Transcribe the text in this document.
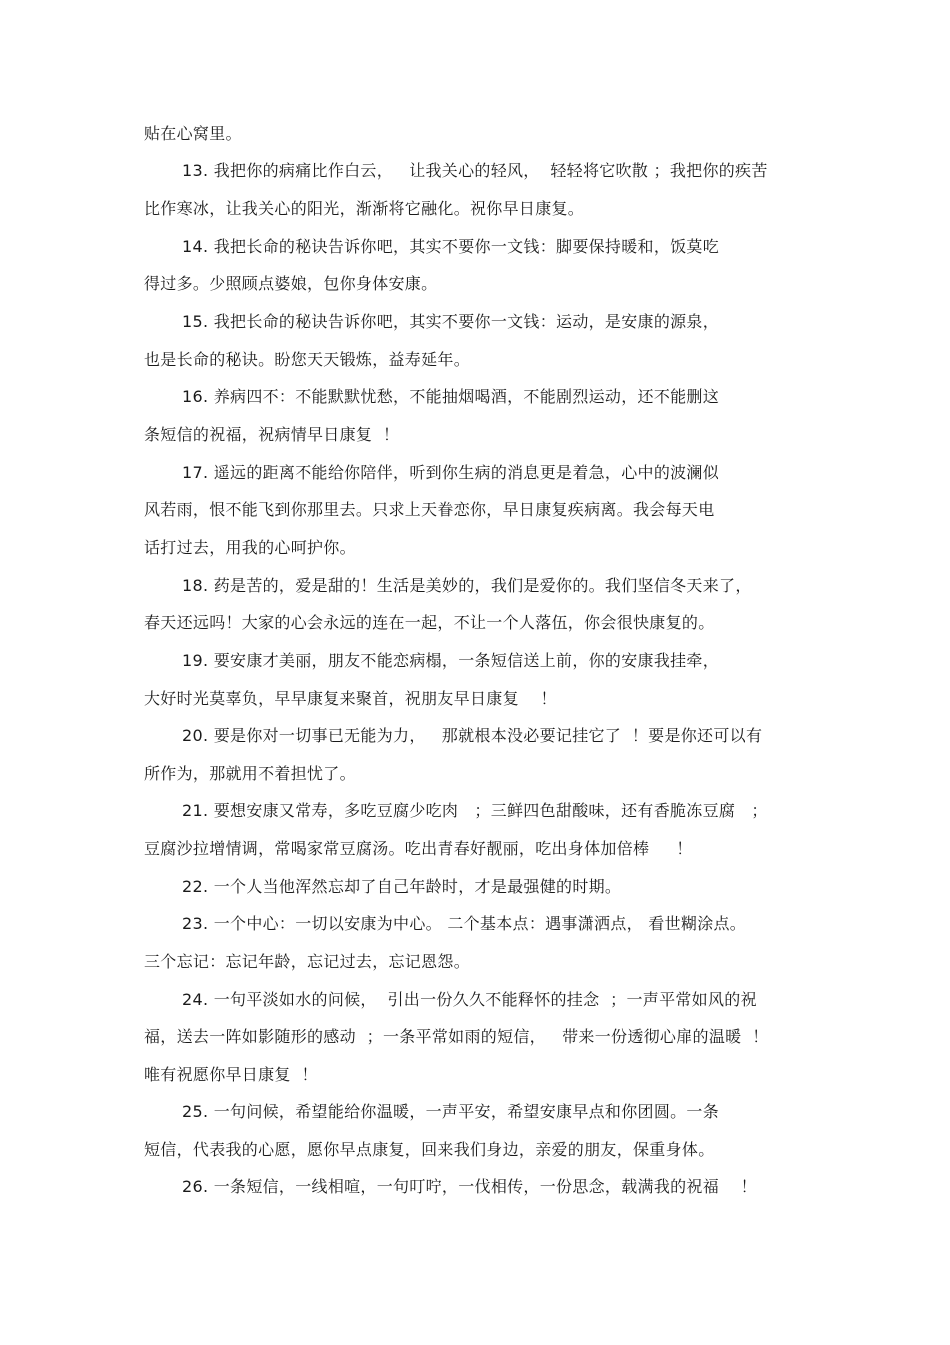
贴在心窝里。
13. 我把你的病痛比作白云，   让我关心的轻风，  轻轻将它吹散 ；我把你的疾苦
比作寒冰，让我关心的阳光，渐渐将它融化。祝你早日康复。
14. 我把长命的秘诀告诉你吧，其实不要你一文钱：脚要保持暖和，饭莫吃
得过多。少照顾点婆娘，包你身体安康。
15. 我把长命的秘诀告诉你吧，其实不要你一文钱：运动，是安康的源泉，
也是长命的秘诀。盼您天天锻炼，益寿延年。
16. 养病四不：不能默默忧愁，不能抽烟喝酒，不能剧烈运动，还不能删这
条短信的祝福，祝病情早日康复  ！
17. 遥远的距离不能给你陪伴，听到你生病的消息更是着急，心中的波澜似
风若雨，恨不能飞到你那里去。只求上天眷恋你，早日康复疾病离。我会每天电
话打过去，用我的心呵护你。
18. 药是苦的，爱是甜的！生活是美妙的，我们是爱你的。我们坚信冬天来了，
春天还远吗！大家的心会永远的连在一起，不让一个人落伍，你会很快康复的。
19. 要安康才美丽，朋友不能恋病榻，一条短信送上前，你的安康我挂牵，
大好时光莫辜负，早早康复来聚首，祝朋友早日康复    ！
20. 要是你对一切事已无能为力，   那就根本没必要记挂它了  ！要是你还可以有
所作为，那就用不着担忧了。
21. 要想安康又常寿，多吃豆腐少吃肉   ；三鲜四色甜酸味，还有香脆冻豆腐   ；
豆腐沙拉增情调，常喝家常豆腐汤。吃出青春好靓丽，吃出身体加倍棒     ！
22. 一个人当他浑然忘却了自己年龄时，才是最强健的时期。
23. 一个中心：一切以安康为中心。 二个基本点：遇事潇洒点， 看世糊涂点。
三个忘记：忘记年龄，忘记过去，忘记恩怨。
24. 一句平淡如水的问候，  引出一份久久不能释怀的挂念  ；一声平常如风的祝
福，送去一阵如影随形的感动  ；一条平常如雨的短信，   带来一份透彻心扉的温暖  ！
唯有祝愿你早日康复  ！
25. 一句问候，希望能给你温暖，一声平安，希望安康早点和你团圆。一条
短信，代表我的心愿，愿你早点康复，回来我们身边，亲爱的朋友，保重身体。
26. 一条短信，一线相喧，一句叮咛，一伐相传，一份思念，载满我的祝福    ！
